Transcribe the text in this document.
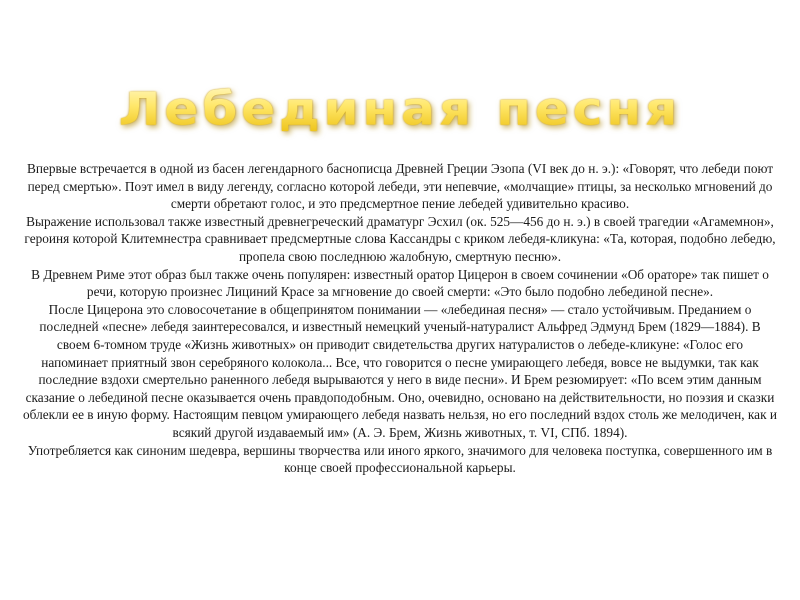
Лебединая песня

Впервые встречается в одной из басен легендарного баснописца Древней Греции Эзопа (VI век до н. э.): «Говорят, что лебеди поют перед смертью». Поэт имел в виду легенду, согласно которой лебеди, эти непевчие, «молчащие» птицы, за несколько мгновений до смерти обретают голос, и это предсмертное пение лебедей удивительно красиво.

Выражение использовал также известный древнегреческий драматург Эсхил (ок. 525—456 до н. э.) в своей трагедии «Агамемнон», героиня которой Клитемнестра сравнивает предсмертные слова Кассандры с криком лебедя-кликуна: «Та, которая, подобно лебедю, пропела свою последнюю жалобную, смертную песню».

В Древнем Риме этот образ был также очень популярен: известный оратор Цицерон в своем сочинении «Об ораторе» так пишет о речи, которую произнес Лициний Красе за мгновение до своей смерти: «Это было подобно лебединой песне».

После Цицерона это словосочетание в общепринятом понимании — «лебединая песня» — стало устойчивым. Преданием о последней «песне» лебедя заинтересовался, и известный немецкий ученый-натуралист Альфред Эдмунд Брем (1829—1884). В своем 6-томном труде «Жизнь животных» он приводит свидетельства других натуралистов о лебеде-кликуне: «Голос его напоминает приятный звон серебряного колокола... Все, что говорится о песне умирающего лебедя, вовсе не выдумки, так как последние вздохи смертельно раненного лебедя вырываются у него в виде песни». И Брем резюмирует: «По всем этим данным сказание о лебединой песне оказывается очень правдоподобным. Оно, очевидно, основано на действительности, но поэзия и сказки облекли ее в иную форму. Настоящим певцом умирающего лебедя назвать нельзя, но его последний вздох столь же мелодичен, как и всякий другой издаваемый им» (А. Э. Брем, Жизнь животных, т. VI, СПб. 1894).

Употребляется как синоним шедевра, вершины творчества или иного яркого, значимого для человека поступка, совершенного им в конце своей профессиональной карьеры.
